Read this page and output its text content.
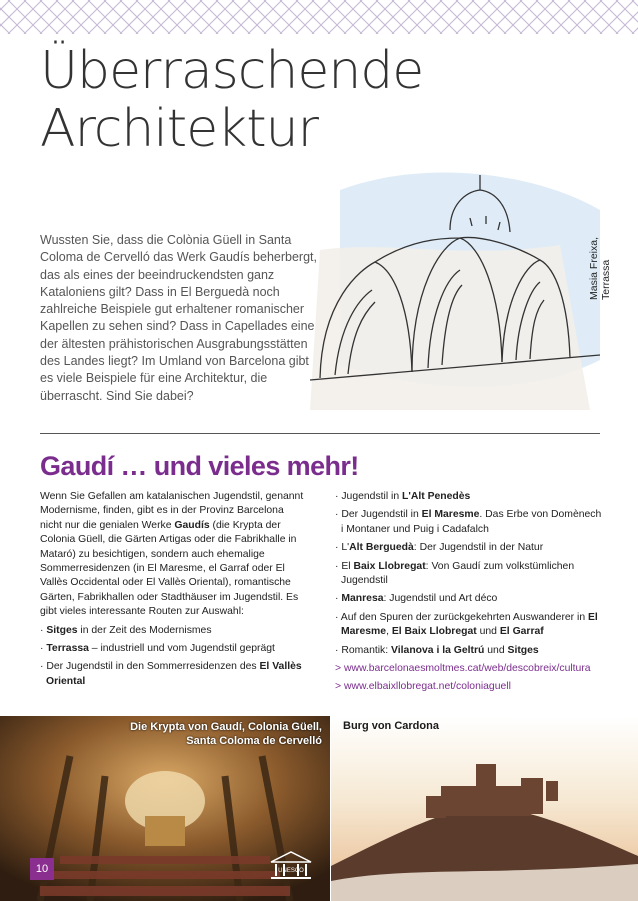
Überraschende
Architektur
Masia Freixa, Terrassa

Wussten Sie, dass die Colònia Güell in Santa Coloma de Cervelló das Werk Gaudís beherbergt, das als eines der beeindruckendsten ganz Kataloniens gilt? Dass in El Berguedà noch zahlreiche Beispiele gut erhaltener romanischer Kapellen zu sehen sind? Dass in Capellades eine der ältesten prähistorischen Ausgrabungsstätten des Landes liegt? Im Umland von Barcelona gibt es viele Beispiele für eine Architektur, die überrascht. Sind Sie dabei?

Gaudí … und vieles mehr!

Wenn Sie Gefallen am katalanischen Jugendstil, genannt Modernisme, finden, gibt es in der Provinz Barcelona nicht nur die genialen Werke Gaudís (die Krypta der Colonia Güell, die Gärten Artigas oder die Fabrikhalle in Mataró) zu besichtigen, sondern auch ehemalige Sommerresidenzen (in El Maresme, el Garraf oder El Vallès Occidental oder El Vallès Oriental), romantische Gärten, Fabrikhallen oder Stadthäuser im Jugendstil. Es gibt vieles interessante Routen zur Auswahl:

· Sitges in der Zeit des Modernismes

· Terrassa – industriell und vom Jugendstil geprägt

· Der Jugendstil in den Sommerresidenzen des El Vallès Oriental

· Jugendstil in L'Alt Penedès

· Der Jugendstil in El Maresme. Das Erbe von Domènech i Montaner und Puig i Cadafalch

· L'Alt Berguedà: Der Jugendstil in der Natur

· El Baix Llobregat: Von Gaudí zum volkstümlichen Jugendstil

· Manresa: Jugendstil und Art déco

· Auf den Spuren der zurückgekehrten Auswanderer in El Maresme, El Baix Llobregat und El Garraf

· Romantik: Vilanova i la Geltrú und Sitges

> www.barcelonaesmoltmes.cat/web/descobreix/cultura

> www.elbaixllobregat.net/coloniaguell

Die Krypta von Gaudí, Colonia Güell, Santa Coloma de Cervelló
Burg von Cardona
10	UNESCO
